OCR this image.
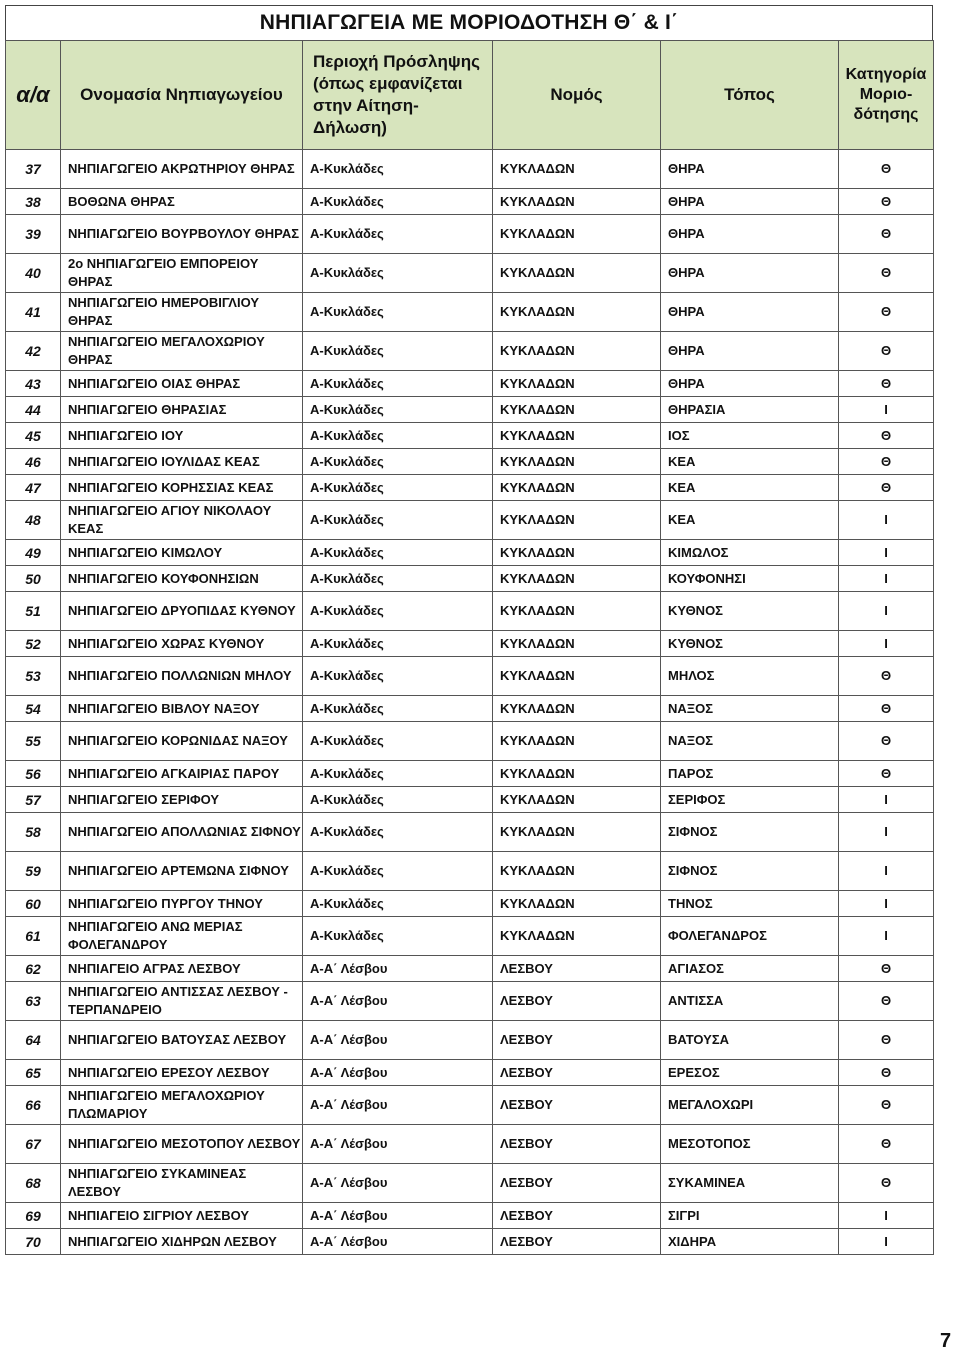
ΝΗΠΙΑΓΩΓΕΙΑ ΜΕ ΜΟΡΙΟΔΟΤΗΣΗ Θ΄ & Ι΄
α/α	Ονομασία Νηπιαγωγείου	Περιοχή Πρόσληψης (όπως εμφανίζεται στην Αίτηση-Δήλωση)	Νομός	Τόπος	Κατηγορία Μοριο-δότησης
37	ΝΗΠΙΑΓΩΓΕΙΟ ΑΚΡΩΤΗΡΙΟΥ ΘΗΡΑΣ	Α-Κυκλάδες	ΚΥΚΛΑΔΩΝ	ΘΗΡΑ	Θ
38	ΒΟΘΩΝΑ ΘΗΡΑΣ	Α-Κυκλάδες	ΚΥΚΛΑΔΩΝ	ΘΗΡΑ	Θ
39	ΝΗΠΙΑΓΩΓΕΙΟ ΒΟΥΡΒΟΥΛΟΥ ΘΗΡΑΣ	Α-Κυκλάδες	ΚΥΚΛΑΔΩΝ	ΘΗΡΑ	Θ
40	2ο ΝΗΠΙΑΓΩΓΕΙΟ ΕΜΠΟΡΕΙΟΥ ΘΗΡΑΣ	Α-Κυκλάδες	ΚΥΚΛΑΔΩΝ	ΘΗΡΑ	Θ
41	ΝΗΠΙΑΓΩΓΕΙΟ ΗΜΕΡΟΒΙΓΛΙΟΥ ΘΗΡΑΣ	Α-Κυκλάδες	ΚΥΚΛΑΔΩΝ	ΘΗΡΑ	Θ
42	ΝΗΠΙΑΓΩΓΕΙΟ ΜΕΓΑΛΟΧΩΡΙΟΥ ΘΗΡΑΣ	Α-Κυκλάδες	ΚΥΚΛΑΔΩΝ	ΘΗΡΑ	Θ
43	ΝΗΠΙΑΓΩΓΕΙΟ ΟΙΑΣ ΘΗΡΑΣ	Α-Κυκλάδες	ΚΥΚΛΑΔΩΝ	ΘΗΡΑ	Θ
44	ΝΗΠΙΑΓΩΓΕΙΟ ΘΗΡΑΣΙΑΣ	Α-Κυκλάδες	ΚΥΚΛΑΔΩΝ	ΘΗΡΑΣΙΑ	Ι
45	ΝΗΠΙΑΓΩΓΕΙΟ ΙΟΥ	Α-Κυκλάδες	ΚΥΚΛΑΔΩΝ	ΙΟΣ	Θ
46	ΝΗΠΙΑΓΩΓΕΙΟ ΙΟΥΛΙΔΑΣ ΚΕΑΣ	Α-Κυκλάδες	ΚΥΚΛΑΔΩΝ	ΚΕΑ	Θ
47	ΝΗΠΙΑΓΩΓΕΙΟ ΚΟΡΗΣΣΙΑΣ ΚΕΑΣ	Α-Κυκλάδες	ΚΥΚΛΑΔΩΝ	ΚΕΑ	Θ
48	ΝΗΠΙΑΓΩΓΕΙΟ ΑΓΙΟΥ ΝΙΚΟΛΑΟΥ ΚΕΑΣ	Α-Κυκλάδες	ΚΥΚΛΑΔΩΝ	ΚΕΑ	Ι
49	ΝΗΠΙΑΓΩΓΕΙΟ ΚΙΜΩΛΟΥ	Α-Κυκλάδες	ΚΥΚΛΑΔΩΝ	ΚΙΜΩΛΟΣ	Ι
50	ΝΗΠΙΑΓΩΓΕΙΟ ΚΟΥΦΟΝΗΣΙΩΝ	Α-Κυκλάδες	ΚΥΚΛΑΔΩΝ	ΚΟΥΦΟΝΗΣΙ	Ι
51	ΝΗΠΙΑΓΩΓΕΙΟ ΔΡΥΟΠΙΔΑΣ ΚΥΘΝΟΥ	Α-Κυκλάδες	ΚΥΚΛΑΔΩΝ	ΚΥΘΝΟΣ	Ι
52	ΝΗΠΙΑΓΩΓΕΙΟ ΧΩΡΑΣ ΚΥΘΝΟΥ	Α-Κυκλάδες	ΚΥΚΛΑΔΩΝ	ΚΥΘΝΟΣ	Ι
53	ΝΗΠΙΑΓΩΓΕΙΟ ΠΟΛΛΩΝΙΩΝ ΜΗΛΟΥ	Α-Κυκλάδες	ΚΥΚΛΑΔΩΝ	ΜΗΛΟΣ	Θ
54	ΝΗΠΙΑΓΩΓΕΙΟ ΒΙΒΛΟΥ ΝΑΞΟΥ	Α-Κυκλάδες	ΚΥΚΛΑΔΩΝ	ΝΑΞΟΣ	Θ
55	ΝΗΠΙΑΓΩΓΕΙΟ ΚΟΡΩΝΙΔΑΣ ΝΑΞΟΥ	Α-Κυκλάδες	ΚΥΚΛΑΔΩΝ	ΝΑΞΟΣ	Θ
56	ΝΗΠΙΑΓΩΓΕΙΟ ΑΓΚΑΙΡΙΑΣ ΠΑΡΟΥ	Α-Κυκλάδες	ΚΥΚΛΑΔΩΝ	ΠΑΡΟΣ	Θ
57	ΝΗΠΙΑΓΩΓΕΙΟ ΣΕΡΙΦΟΥ	Α-Κυκλάδες	ΚΥΚΛΑΔΩΝ	ΣΕΡΙΦΟΣ	Ι
58	ΝΗΠΙΑΓΩΓΕΙΟ ΑΠΟΛΛΩΝΙΑΣ ΣΙΦΝΟΥ	Α-Κυκλάδες	ΚΥΚΛΑΔΩΝ	ΣΙΦΝΟΣ	Ι
59	ΝΗΠΙΑΓΩΓΕΙΟ ΑΡΤΕΜΩΝΑ ΣΙΦΝΟΥ	Α-Κυκλάδες	ΚΥΚΛΑΔΩΝ	ΣΙΦΝΟΣ	Ι
60	ΝΗΠΙΑΓΩΓΕΙΟ ΠΥΡΓΟΥ ΤΗΝΟΥ	Α-Κυκλάδες	ΚΥΚΛΑΔΩΝ	ΤΗΝΟΣ	Ι
61	ΝΗΠΙΑΓΩΓΕΙΟ ΑΝΩ ΜΕΡΙΑΣ ΦΟΛΕΓΑΝΔΡΟΥ	Α-Κυκλάδες	ΚΥΚΛΑΔΩΝ	ΦΟΛΕΓΑΝΔΡΟΣ	Ι
62	ΝΗΠΙΑΓΕΙΟ ΑΓΡΑΣ ΛΕΣΒΟΥ	Α-Α΄ Λέσβου	ΛΕΣΒΟΥ	ΑΓΙΑΣΟΣ	Θ
63	ΝΗΠΙΑΓΩΓΕΙΟ ΑΝΤΙΣΣΑΣ ΛΕΣΒΟΥ - ΤΕΡΠΑΝΔΡΕΙΟ	Α-Α΄ Λέσβου	ΛΕΣΒΟΥ	ΑΝΤΙΣΣΑ	Θ
64	ΝΗΠΙΑΓΩΓΕΙΟ ΒΑΤΟΥΣΑΣ ΛΕΣΒΟΥ	Α-Α΄ Λέσβου	ΛΕΣΒΟΥ	ΒΑΤΟΥΣΑ	Θ
65	ΝΗΠΙΑΓΩΓΕΙΟ ΕΡΕΣΟΥ ΛΕΣΒΟΥ	Α-Α΄ Λέσβου	ΛΕΣΒΟΥ	ΕΡΕΣΟΣ	Θ
66	ΝΗΠΙΑΓΩΓΕΙΟ ΜΕΓΑΛΟΧΩΡΙΟΥ ΠΛΩΜΑΡΙΟΥ	Α-Α΄ Λέσβου	ΛΕΣΒΟΥ	ΜΕΓΑΛΟΧΩΡΙ	Θ
67	ΝΗΠΙΑΓΩΓΕΙΟ ΜΕΣΟΤΟΠΟΥ ΛΕΣΒΟΥ	Α-Α΄ Λέσβου	ΛΕΣΒΟΥ	ΜΕΣΟΤΟΠΟΣ	Θ
68	ΝΗΠΙΑΓΩΓΕΙΟ ΣΥΚΑΜΙΝΕΑΣ ΛΕΣΒΟΥ	Α-Α΄ Λέσβου	ΛΕΣΒΟΥ	ΣΥΚΑΜΙΝΕΑ	Θ
69	ΝΗΠΙΑΓΕΙΟ ΣΙΓΡΙΟΥ ΛΕΣΒΟΥ	Α-Α΄ Λέσβου	ΛΕΣΒΟΥ	ΣΙΓΡΙ	Ι
70	ΝΗΠΙΑΓΩΓΕΙΟ ΧΙΔΗΡΩΝ ΛΕΣΒΟΥ	Α-Α΄ Λέσβου	ΛΕΣΒΟΥ	ΧΙΔΗΡΑ	Ι
7
